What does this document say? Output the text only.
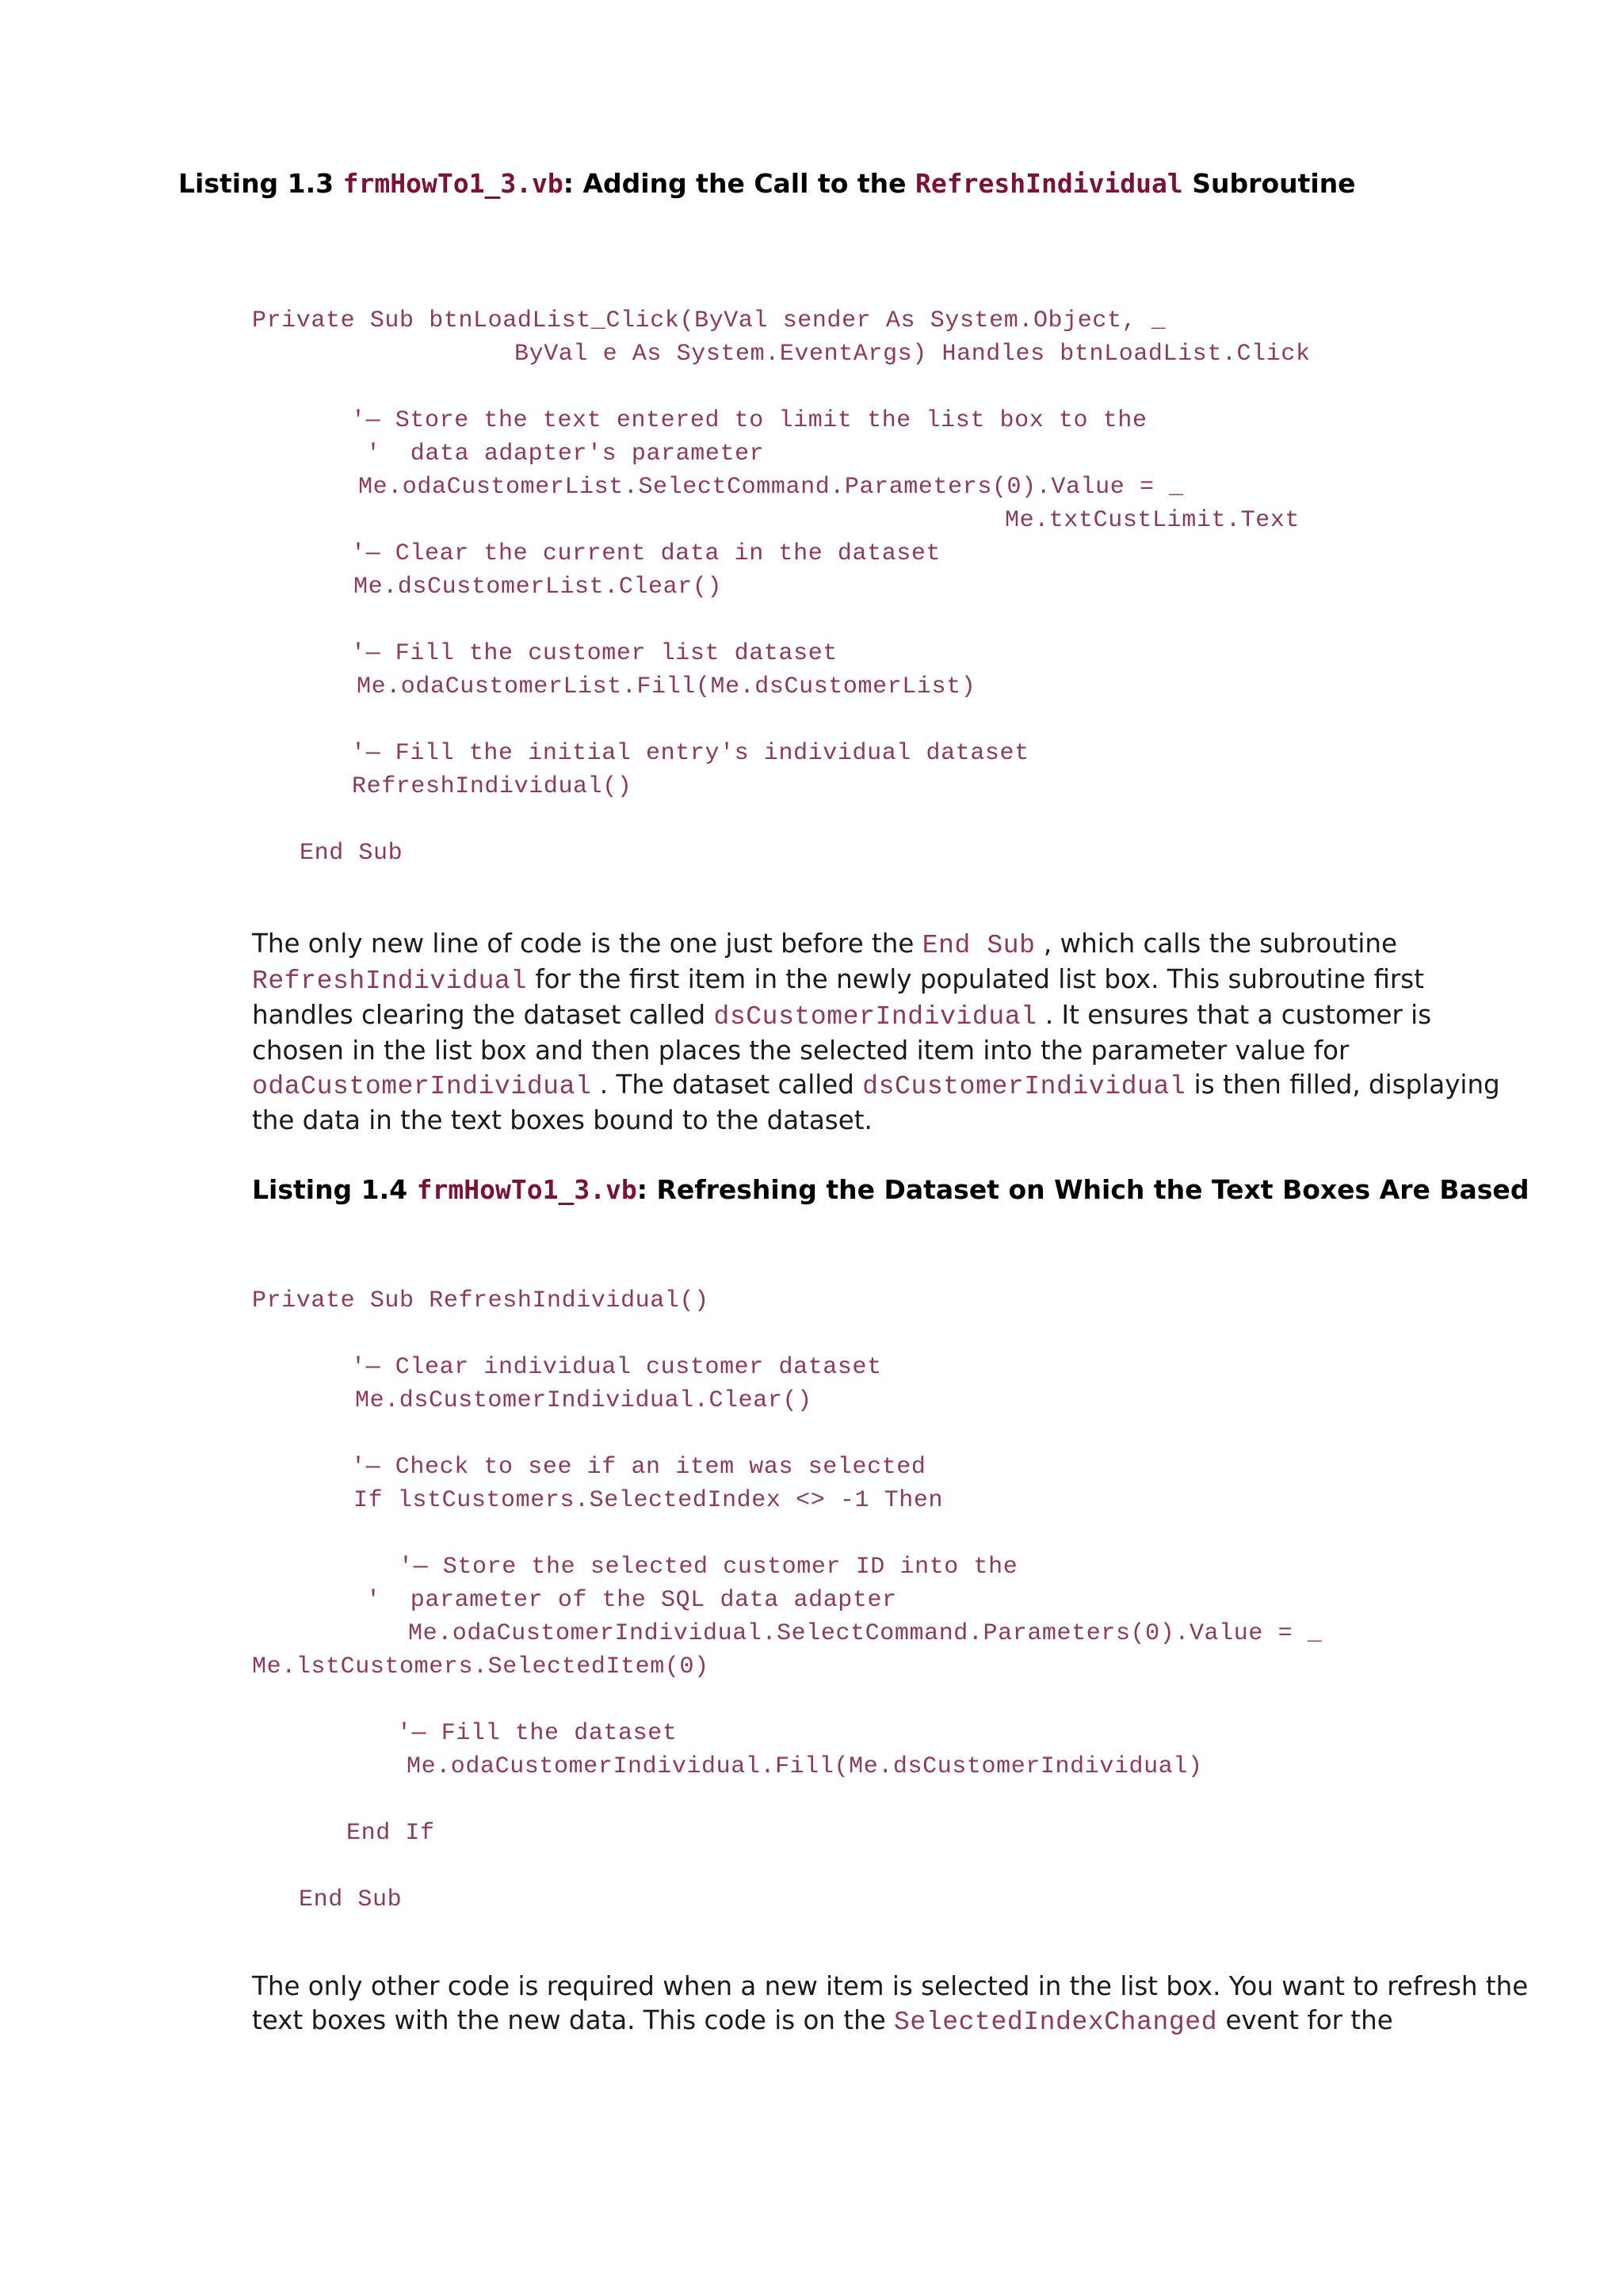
Listing 1.3 frmHowTo1_3.vb: Adding the Call to the RefreshIndividual Subroutine
Private Sub btnLoadList_Click(ByVal sender As System.Object, _
ByVal e As System.EventArgs) Handles btnLoadList.Click
'— Store the text entered to limit the list box to the
'  data adapter's parameter
Me.odaCustomerList.SelectCommand.Parameters(0).Value = _
Me.txtCustLimit.Text
'— Clear the current data in the dataset
Me.dsCustomerList.Clear()
'— Fill the customer list dataset
Me.odaCustomerList.Fill(Me.dsCustomerList)
'— Fill the initial entry's individual dataset
RefreshIndividual()
End Sub
The only new line of code is the one just before the End Sub , which calls the subroutine
RefreshIndividual for the first item in the newly populated list box. This subroutine first
handles clearing the dataset called dsCustomerIndividual . It ensures that a customer is
chosen in the list box and then places the selected item into the parameter value for
odaCustomerIndividual . The dataset called dsCustomerIndividual is then filled, displaying
the data in the text boxes bound to the dataset.
Listing 1.4 frmHowTo1_3.vb: Refreshing the Dataset on Which the Text Boxes Are Based
Private Sub RefreshIndividual()
'— Clear individual customer dataset
Me.dsCustomerIndividual.Clear()
'— Check to see if an item was selected
If lstCustomers.SelectedIndex <> -1 Then
'— Store the selected customer ID into the
'  parameter of the SQL data adapter
Me.odaCustomerIndividual.SelectCommand.Parameters(0).Value = _
Me.lstCustomers.SelectedItem(0)
'— Fill the dataset
Me.odaCustomerIndividual.Fill(Me.dsCustomerIndividual)
End If
End Sub
The only other code is required when a new item is selected in the list box. You want to refresh the
text boxes with the new data. This code is on the SelectedIndexChanged event for the
